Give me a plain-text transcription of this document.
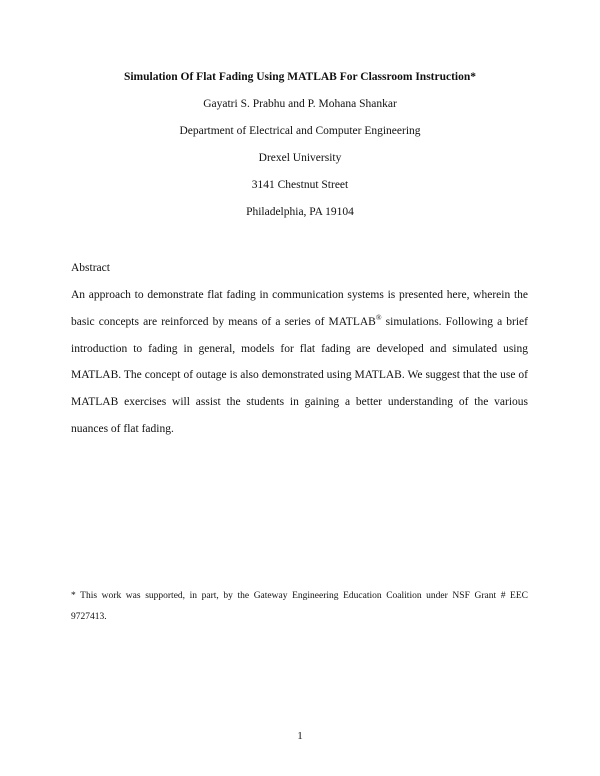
Simulation Of Flat Fading Using MATLAB For Classroom Instruction*
Gayatri S. Prabhu and P. Mohana Shankar
Department of Electrical and Computer Engineering
Drexel University
3141 Chestnut Street
Philadelphia, PA 19104
Abstract
An approach to demonstrate flat fading in communication systems is presented here, wherein the basic concepts are reinforced by means of a series of MATLAB® simulations. Following a brief introduction to fading in general, models for flat fading are developed and simulated using MATLAB. The concept of outage is also demonstrated using MATLAB. We suggest that the use of MATLAB exercises will assist the students in gaining a better understanding of the various nuances of flat fading.
* This work was supported, in part, by the Gateway Engineering Education Coalition under NSF Grant # EEC 9727413.
1
